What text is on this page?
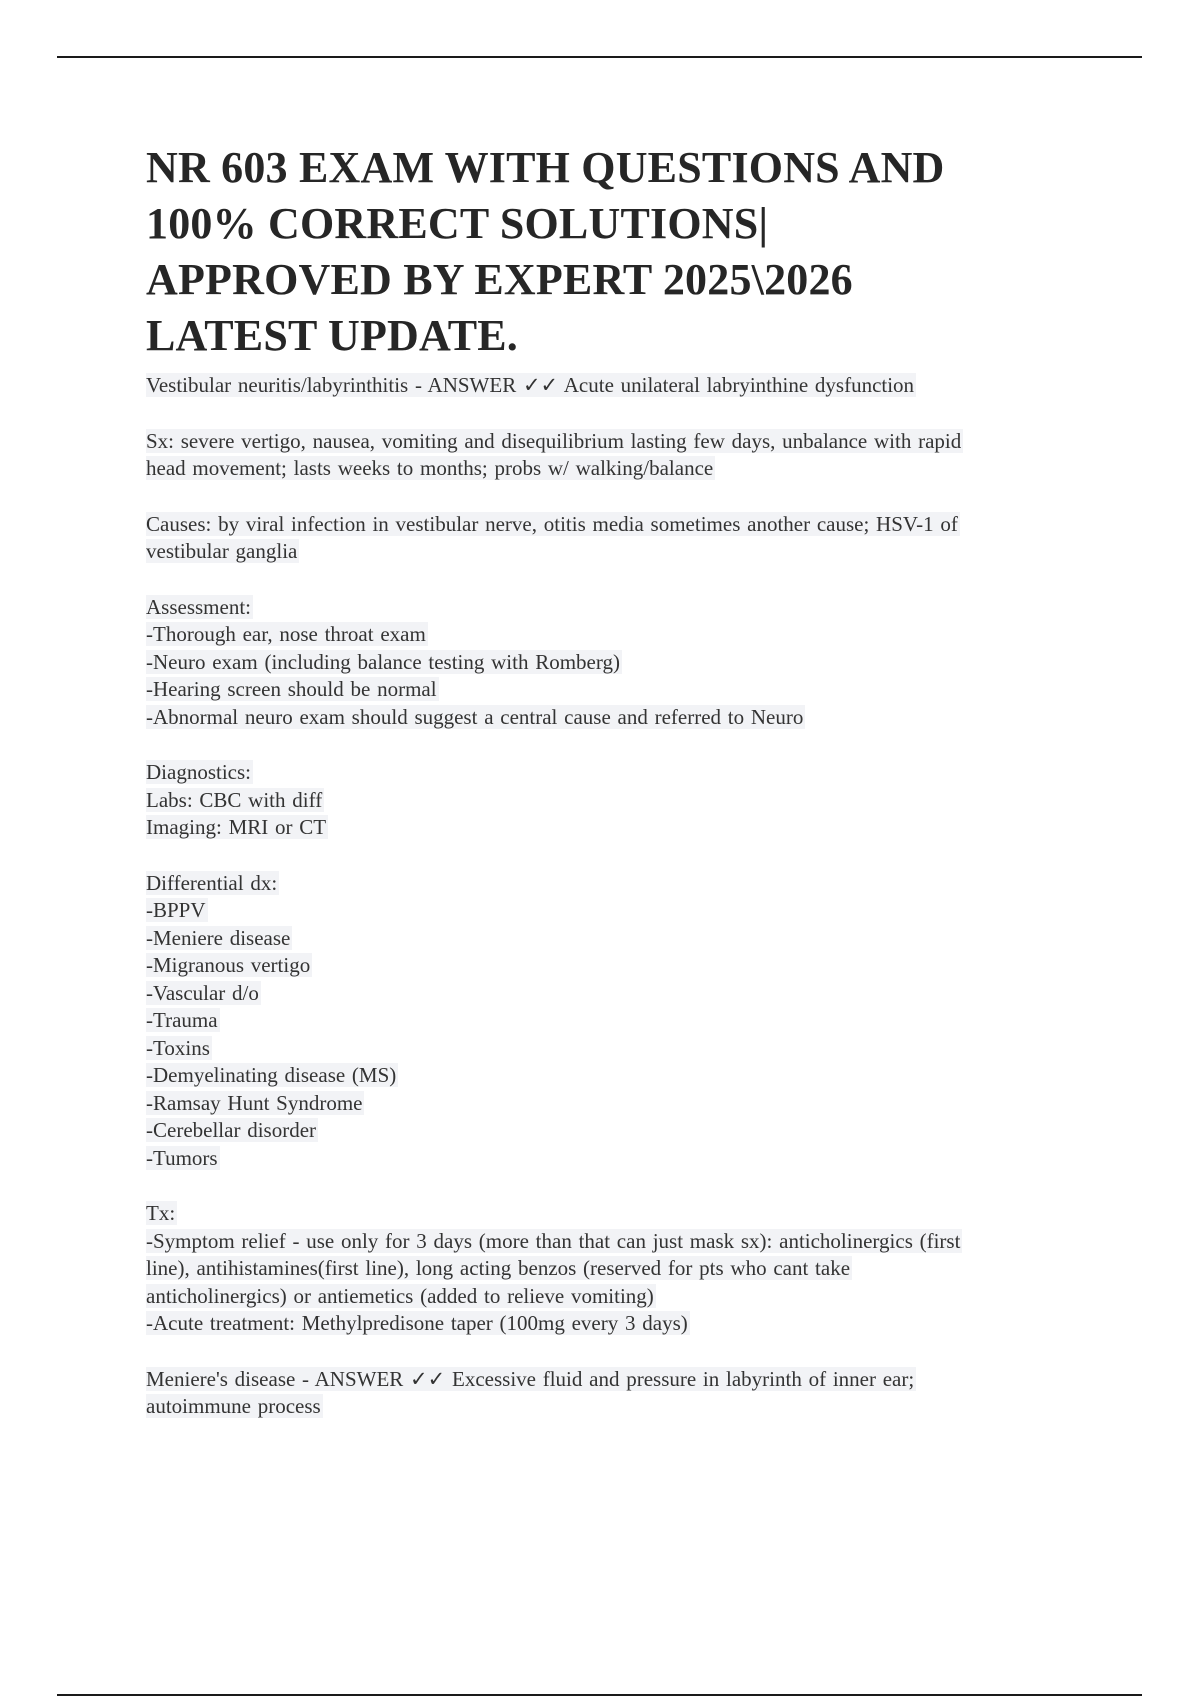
NR 603 EXAM WITH QUESTIONS AND
100% CORRECT SOLUTIONS|
APPROVED BY EXPERT 2025\2026
LATEST UPDATE.
Vestibular neuritis/labyrinthitis - ANSWER ✓✓ Acute unilateral labryinthine dysfunction
Sx: severe vertigo, nausea, vomiting and disequilibrium lasting few days, unbalance with rapid
head movement; lasts weeks to months; probs w/ walking/balance
Causes: by viral infection in vestibular nerve, otitis media sometimes another cause; HSV-1 of
vestibular ganglia
Assessment:
-Thorough ear, nose throat exam
-Neuro exam (including balance testing with Romberg)
-Hearing screen should be normal
-Abnormal neuro exam should suggest a central cause and referred to Neuro
Diagnostics:
Labs: CBC with diff
Imaging: MRI or CT
Differential dx:
-BPPV
-Meniere disease
-Migranous vertigo
-Vascular d/o
-Trauma
-Toxins
-Demyelinating disease (MS)
-Ramsay Hunt Syndrome
-Cerebellar disorder
-Tumors
Tx:
-Symptom relief - use only for 3 days (more than that can just mask sx): anticholinergics (first
line), antihistamines(first line), long acting benzos (reserved for pts who cant take
anticholinergics) or antiemetics (added to relieve vomiting)
-Acute treatment: Methylpredisone taper (100mg every 3 days)
Meniere's disease - ANSWER ✓✓ Excessive fluid and pressure in labyrinth of inner ear;
autoimmune process
